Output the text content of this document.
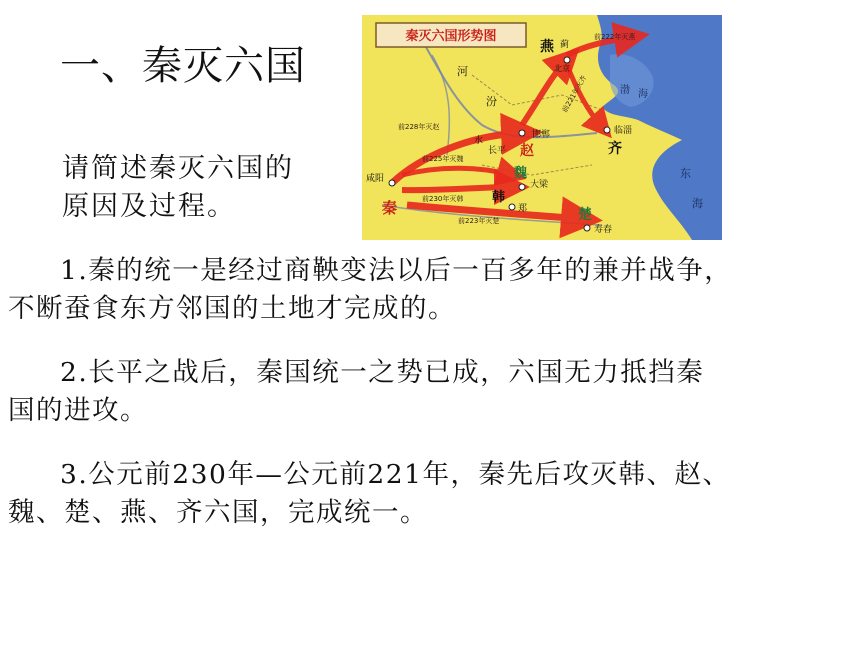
一、秦灭六国
请简述秦灭六国的
原因及过程。
秦灭六国形势图
燕 蓟
北京
渤 海
河
汾
赵
邯郸
长平
水
咸阳
秦
魏
大梁
韩
郑
临淄
齐
楚
寿春
东
海
前228年灭赵
前222年灭燕
前221年灭齐
前225年灭魏
前230年灭韩
前223年灭楚
1.秦的统一是经过商鞅变法以后一百多年的兼并战争，
不断蚕食东方邻国的土地才完成的。
2.长平之战后，秦国统一之势已成，六国无力抵挡秦
国的进攻。
3.公元前230年—公元前221年，秦先后攻灭韩、赵、
魏、楚、燕、齐六国，完成统一。
